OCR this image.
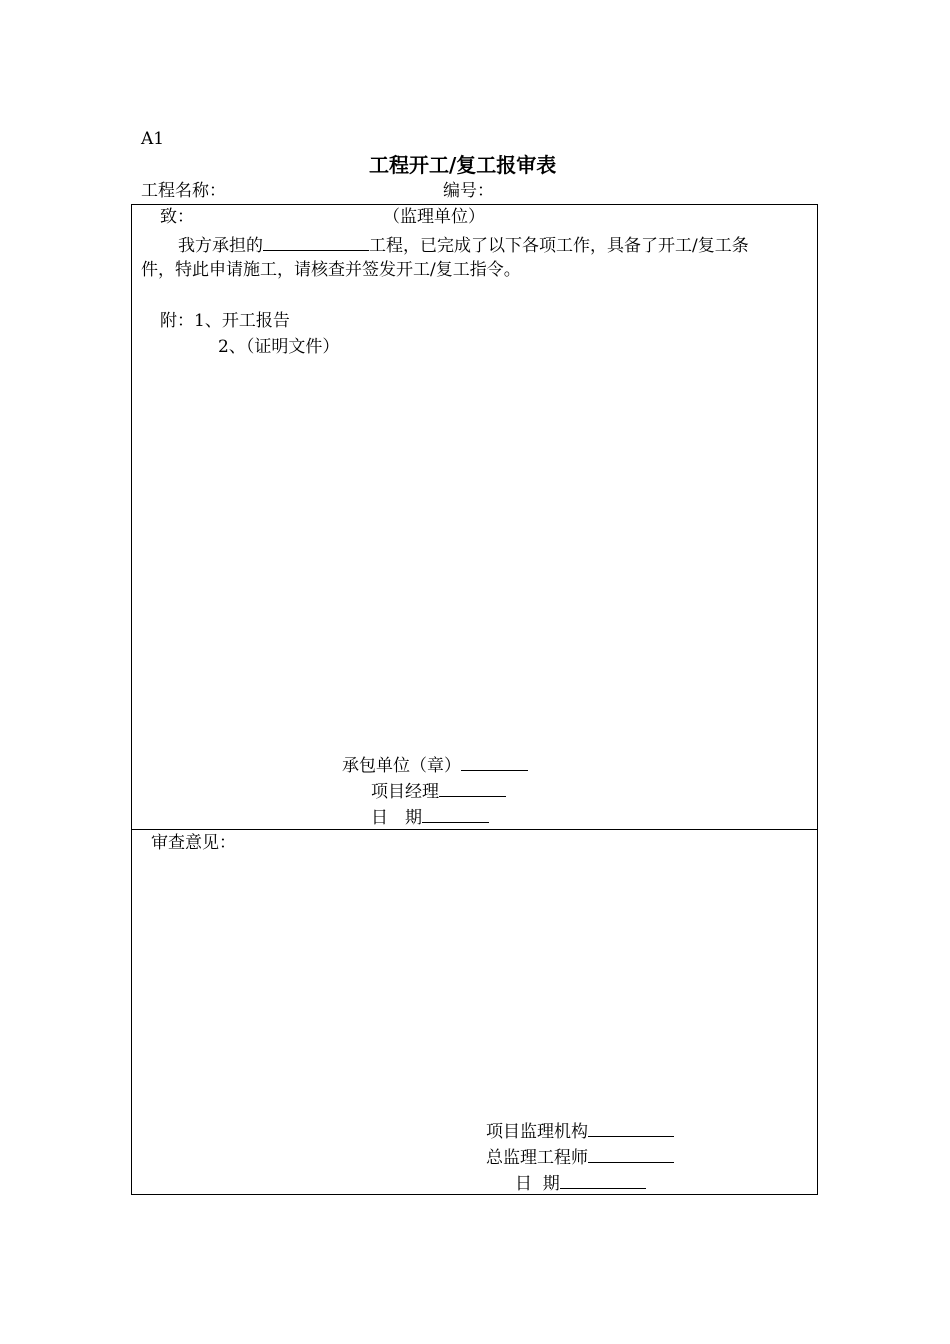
A1
工程开工/复工报审表
工程名称：	编号：
致：	（监理单位）
我方承担的	工程，已完成了以下各项工作，具备了开工/复工条
件，特此申请施工，请核查并签发开工/复工指令。
附：1、开工报告
2、（证明文件）
承包单位（章）
项目经理
日　期
审查意见：
项目监理机构
总监理工程师
日  期
